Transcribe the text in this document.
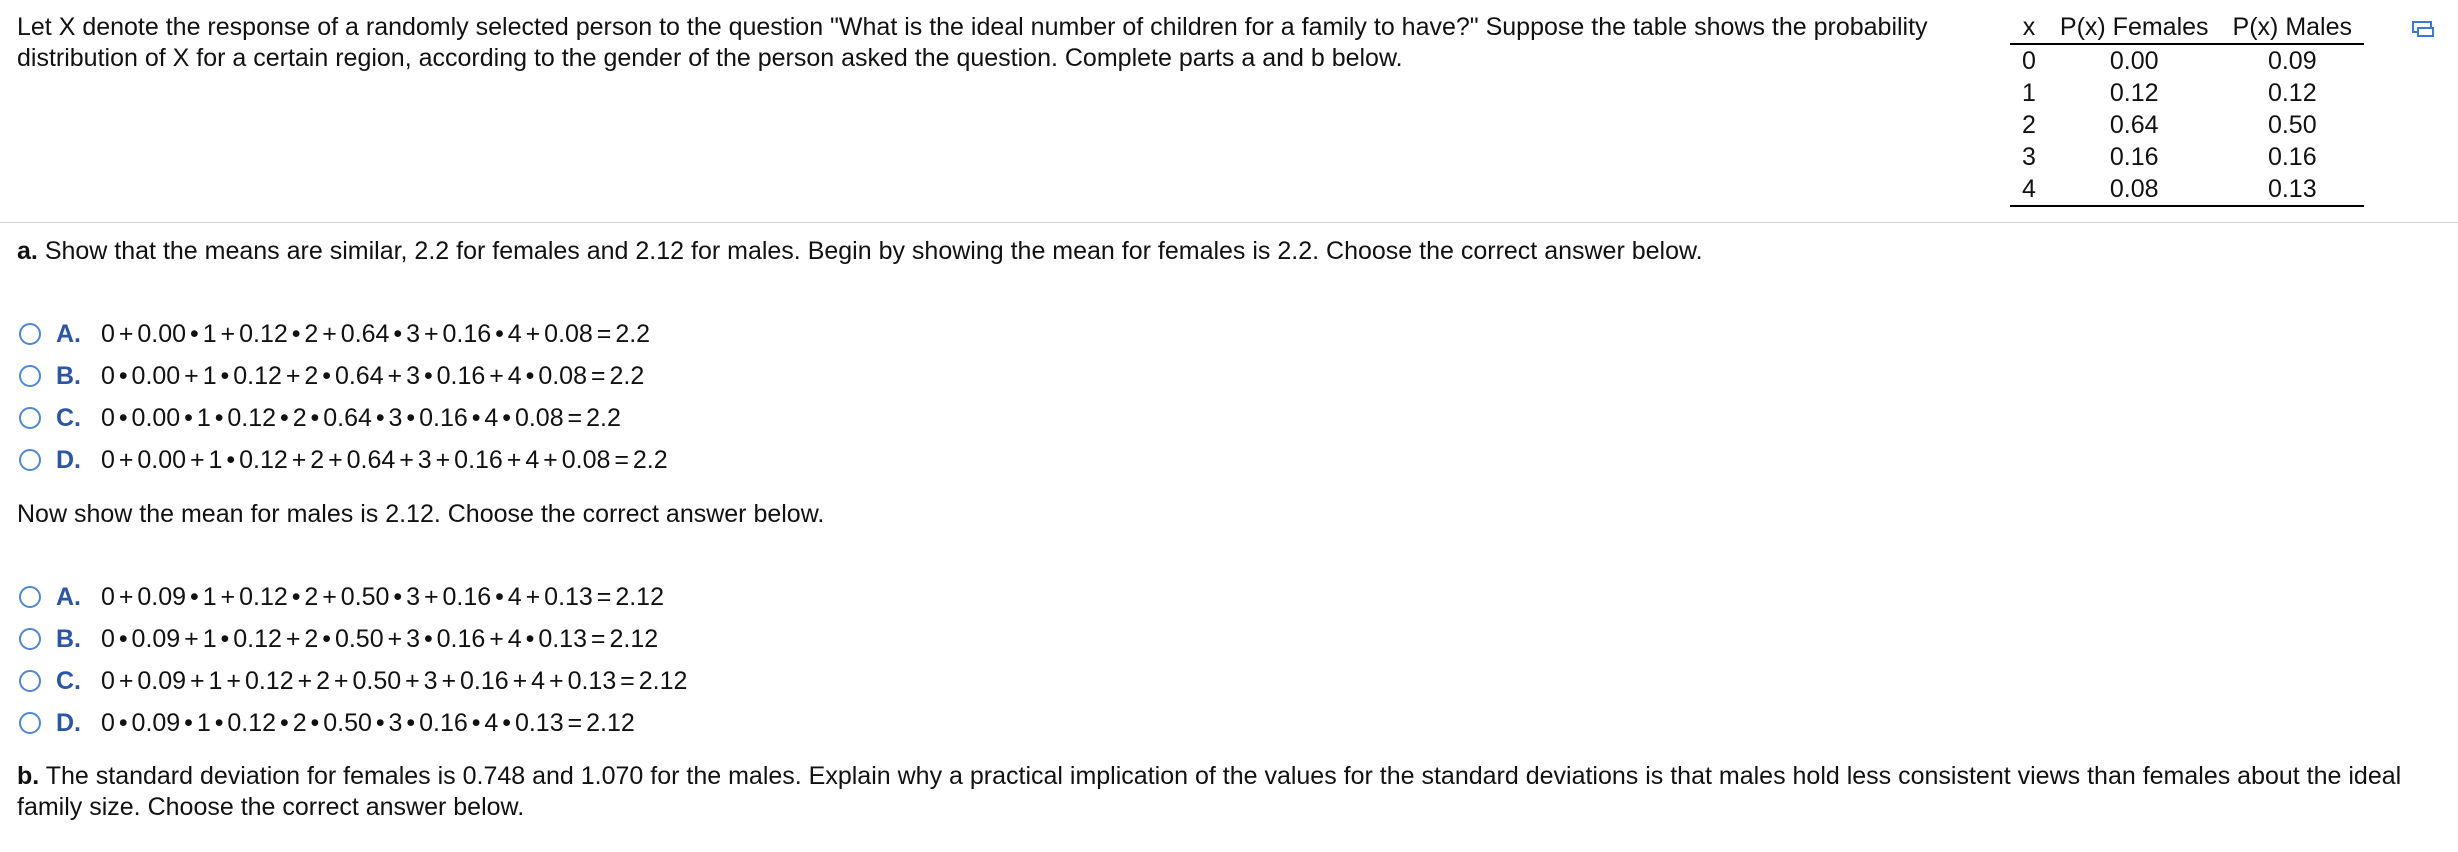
Let X denote the response of a randomly selected person to the question "What is the ideal number of children for a family to have?" Suppose the table shows the probability distribution of X for a certain region, according to the gender of the person asked the question. Complete parts a and b below.

x	P(x) Females	P(x) Males
0	0.00	0.09
1	0.12	0.12
2	0.64	0.50
3	0.16	0.16
4	0.08	0.13

a. Show that the means are similar, 2.2 for females and 2.12 for males. Begin by showing the mean for females is 2.2. Choose the correct answer below.

A. 0 + 0.00 • 1 + 0.12 • 2 + 0.64 • 3 + 0.16 • 4 + 0.08 = 2.2
B. 0 • 0.00 + 1 • 0.12 + 2 • 0.64 + 3 • 0.16 + 4 • 0.08 = 2.2
C. 0 • 0.00 • 1 • 0.12 • 2 • 0.64 • 3 • 0.16 • 4 • 0.08 = 2.2
D. 0 + 0.00 + 1 • 0.12 + 2 + 0.64 + 3 + 0.16 + 4 + 0.08 = 2.2

Now show the mean for males is 2.12. Choose the correct answer below.

A. 0 + 0.09 • 1 + 0.12 • 2 + 0.50 • 3 + 0.16 • 4 + 0.13 = 2.12
B. 0 • 0.09 + 1 • 0.12 + 2 • 0.50 + 3 • 0.16 + 4 • 0.13 = 2.12
C. 0 + 0.09 + 1 + 0.12 + 2 + 0.50 + 3 + 0.16 + 4 + 0.13 = 2.12
D. 0 • 0.09 • 1 • 0.12 • 2 • 0.50 • 3 • 0.16 • 4 • 0.13 = 2.12

b. The standard deviation for females is 0.748 and 1.070 for the males. Explain why a practical implication of the values for the standard deviations is that males hold less consistent views than females about the ideal family size. Choose the correct answer below.
